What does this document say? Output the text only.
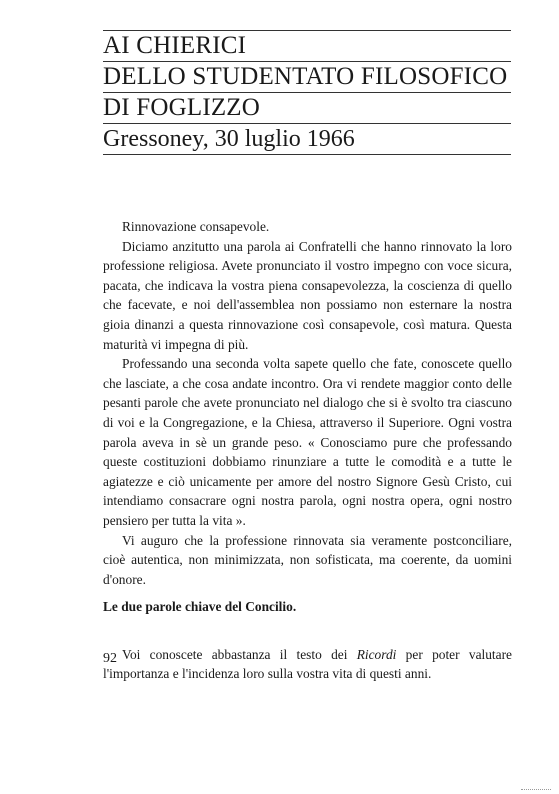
AI CHIERICI
DELLO STUDENTATO FILOSOFICO
DI FOGLIZZO
Gressoney, 30 luglio 1966

Rinnovazione consapevole.

Diciamo anzitutto una parola ai Confratelli che hanno rinnovato la loro professione religiosa. Avete pronunciato il vostro impegno con voce sicura, pacata, che indicava la vostra piena consapevolezza, la coscienza di quello che facevate, e noi dell'assemblea non possiamo non esternare la nostra gioia dinanzi a questa rinnovazione così consapevole, così matura. Questa maturità vi impegna di più.

Professando una seconda volta sapete quello che fate, conoscete quello che lasciate, a che cosa andate incontro. Ora vi rendete maggior conto delle pesanti parole che avete pronunciato nel dialogo che si è svolto tra ciascuno di voi e la Congregazione, e la Chiesa, attraverso il Superiore. Ogni vostra parola aveva in sè un grande peso. « Conosciamo pure che professando queste costituzioni dobbiamo rinunziare a tutte le comodità e a tutte le agiatezze e ciò unicamente per amore del nostro Signore Gesù Cristo, cui intendiamo consacrare ogni nostra parola, ogni nostra opera, ogni nostro pensiero per tutta la vita ».

Vi auguro che la professione rinnovata sia veramente postconciliare, cioè autentica, non minimizzata, non sofisticata, ma coerente, da uomini d'onore.

Le due parole chiave del Concilio.

Voi conoscete abbastanza il testo dei Ricordi per poter valutare l'importanza e l'incidenza loro sulla vostra vita di questi anni.

92
